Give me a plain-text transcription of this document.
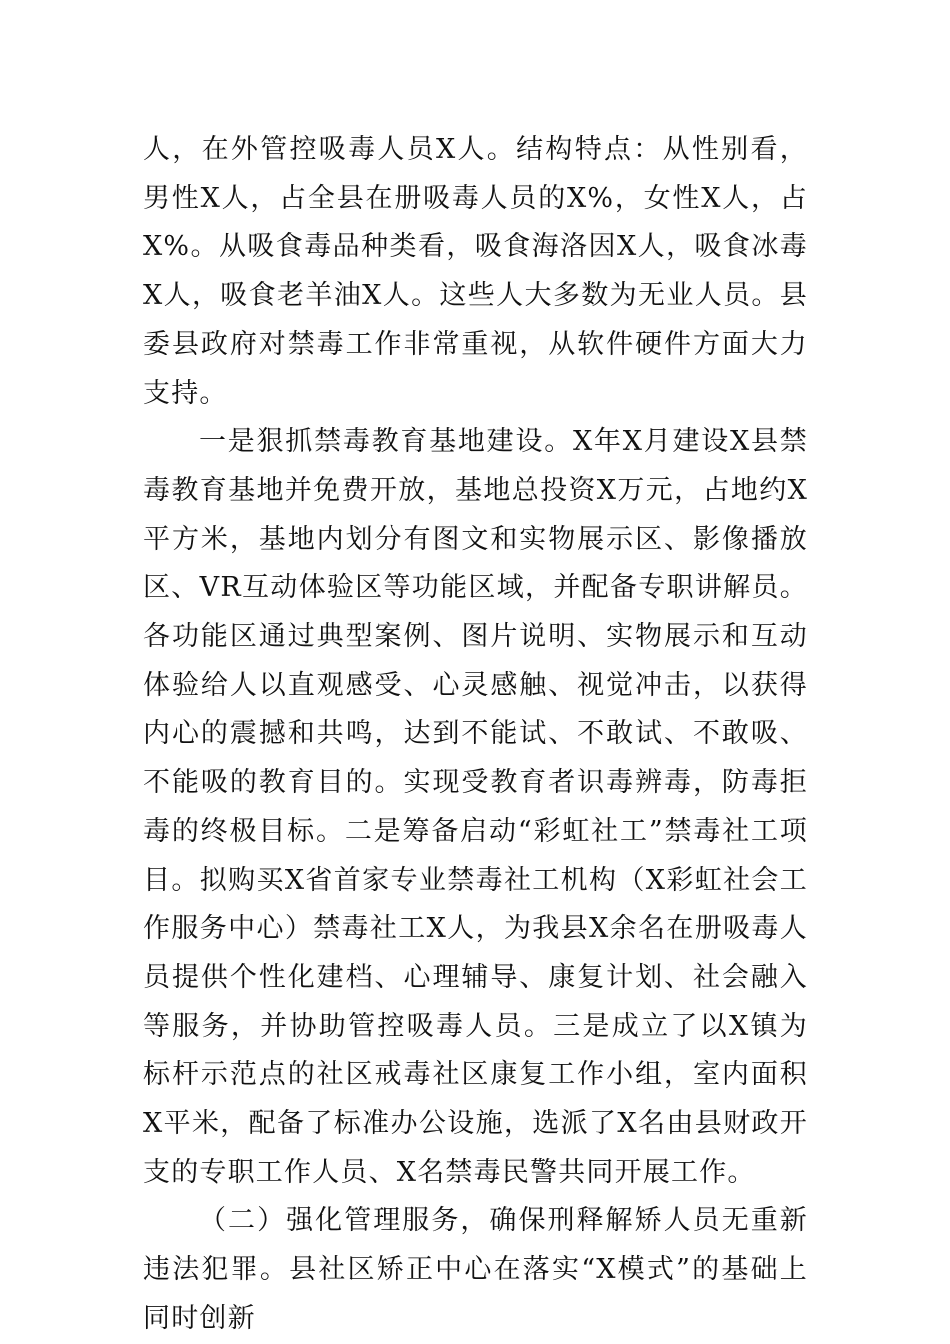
人，在外管控吸毒人员X人。结构特点：从性别看，男性X人，占全县在册吸毒人员的X%，女性X人，占X%。从吸食毒品种类看，吸食海洛因X人，吸食冰毒X人，吸食老羊油X人。这些人大多数为无业人员。县委县政府对禁毒工作非常重视，从软件硬件方面大力支持。

一是狠抓禁毒教育基地建设。X年X月建设X县禁毒教育基地并免费开放，基地总投资X万元，占地约X平方米，基地内划分有图文和实物展示区、影像播放区、VR互动体验区等功能区域，并配备专职讲解员。各功能区通过典型案例、图片说明、实物展示和互动体验给人以直观感受、心灵感触、视觉冲击，以获得内心的震撼和共鸣，达到不能试、不敢试、不敢吸、不能吸的教育目的。实现受教育者识毒辨毒，防毒拒毒的终极目标。二是筹备启动“彩虹社工”禁毒社工项目。拟购买X省首家专业禁毒社工机构（X彩虹社会工作服务中心）禁毒社工X人，为我县X余名在册吸毒人员提供个性化建档、心理辅导、康复计划、社会融入等服务，并协助管控吸毒人员。三是成立了以X镇为标杆示范点的社区戒毒社区康复工作小组，室内面积X平米，配备了标准办公设施，选派了X名由县财政开支的专职工作人员、X名禁毒民警共同开展工作。

（二）强化管理服务，确保刑释解矫人员无重新违法犯罪。县社区矫正中心在落实“X模式”的基础上同时创新
